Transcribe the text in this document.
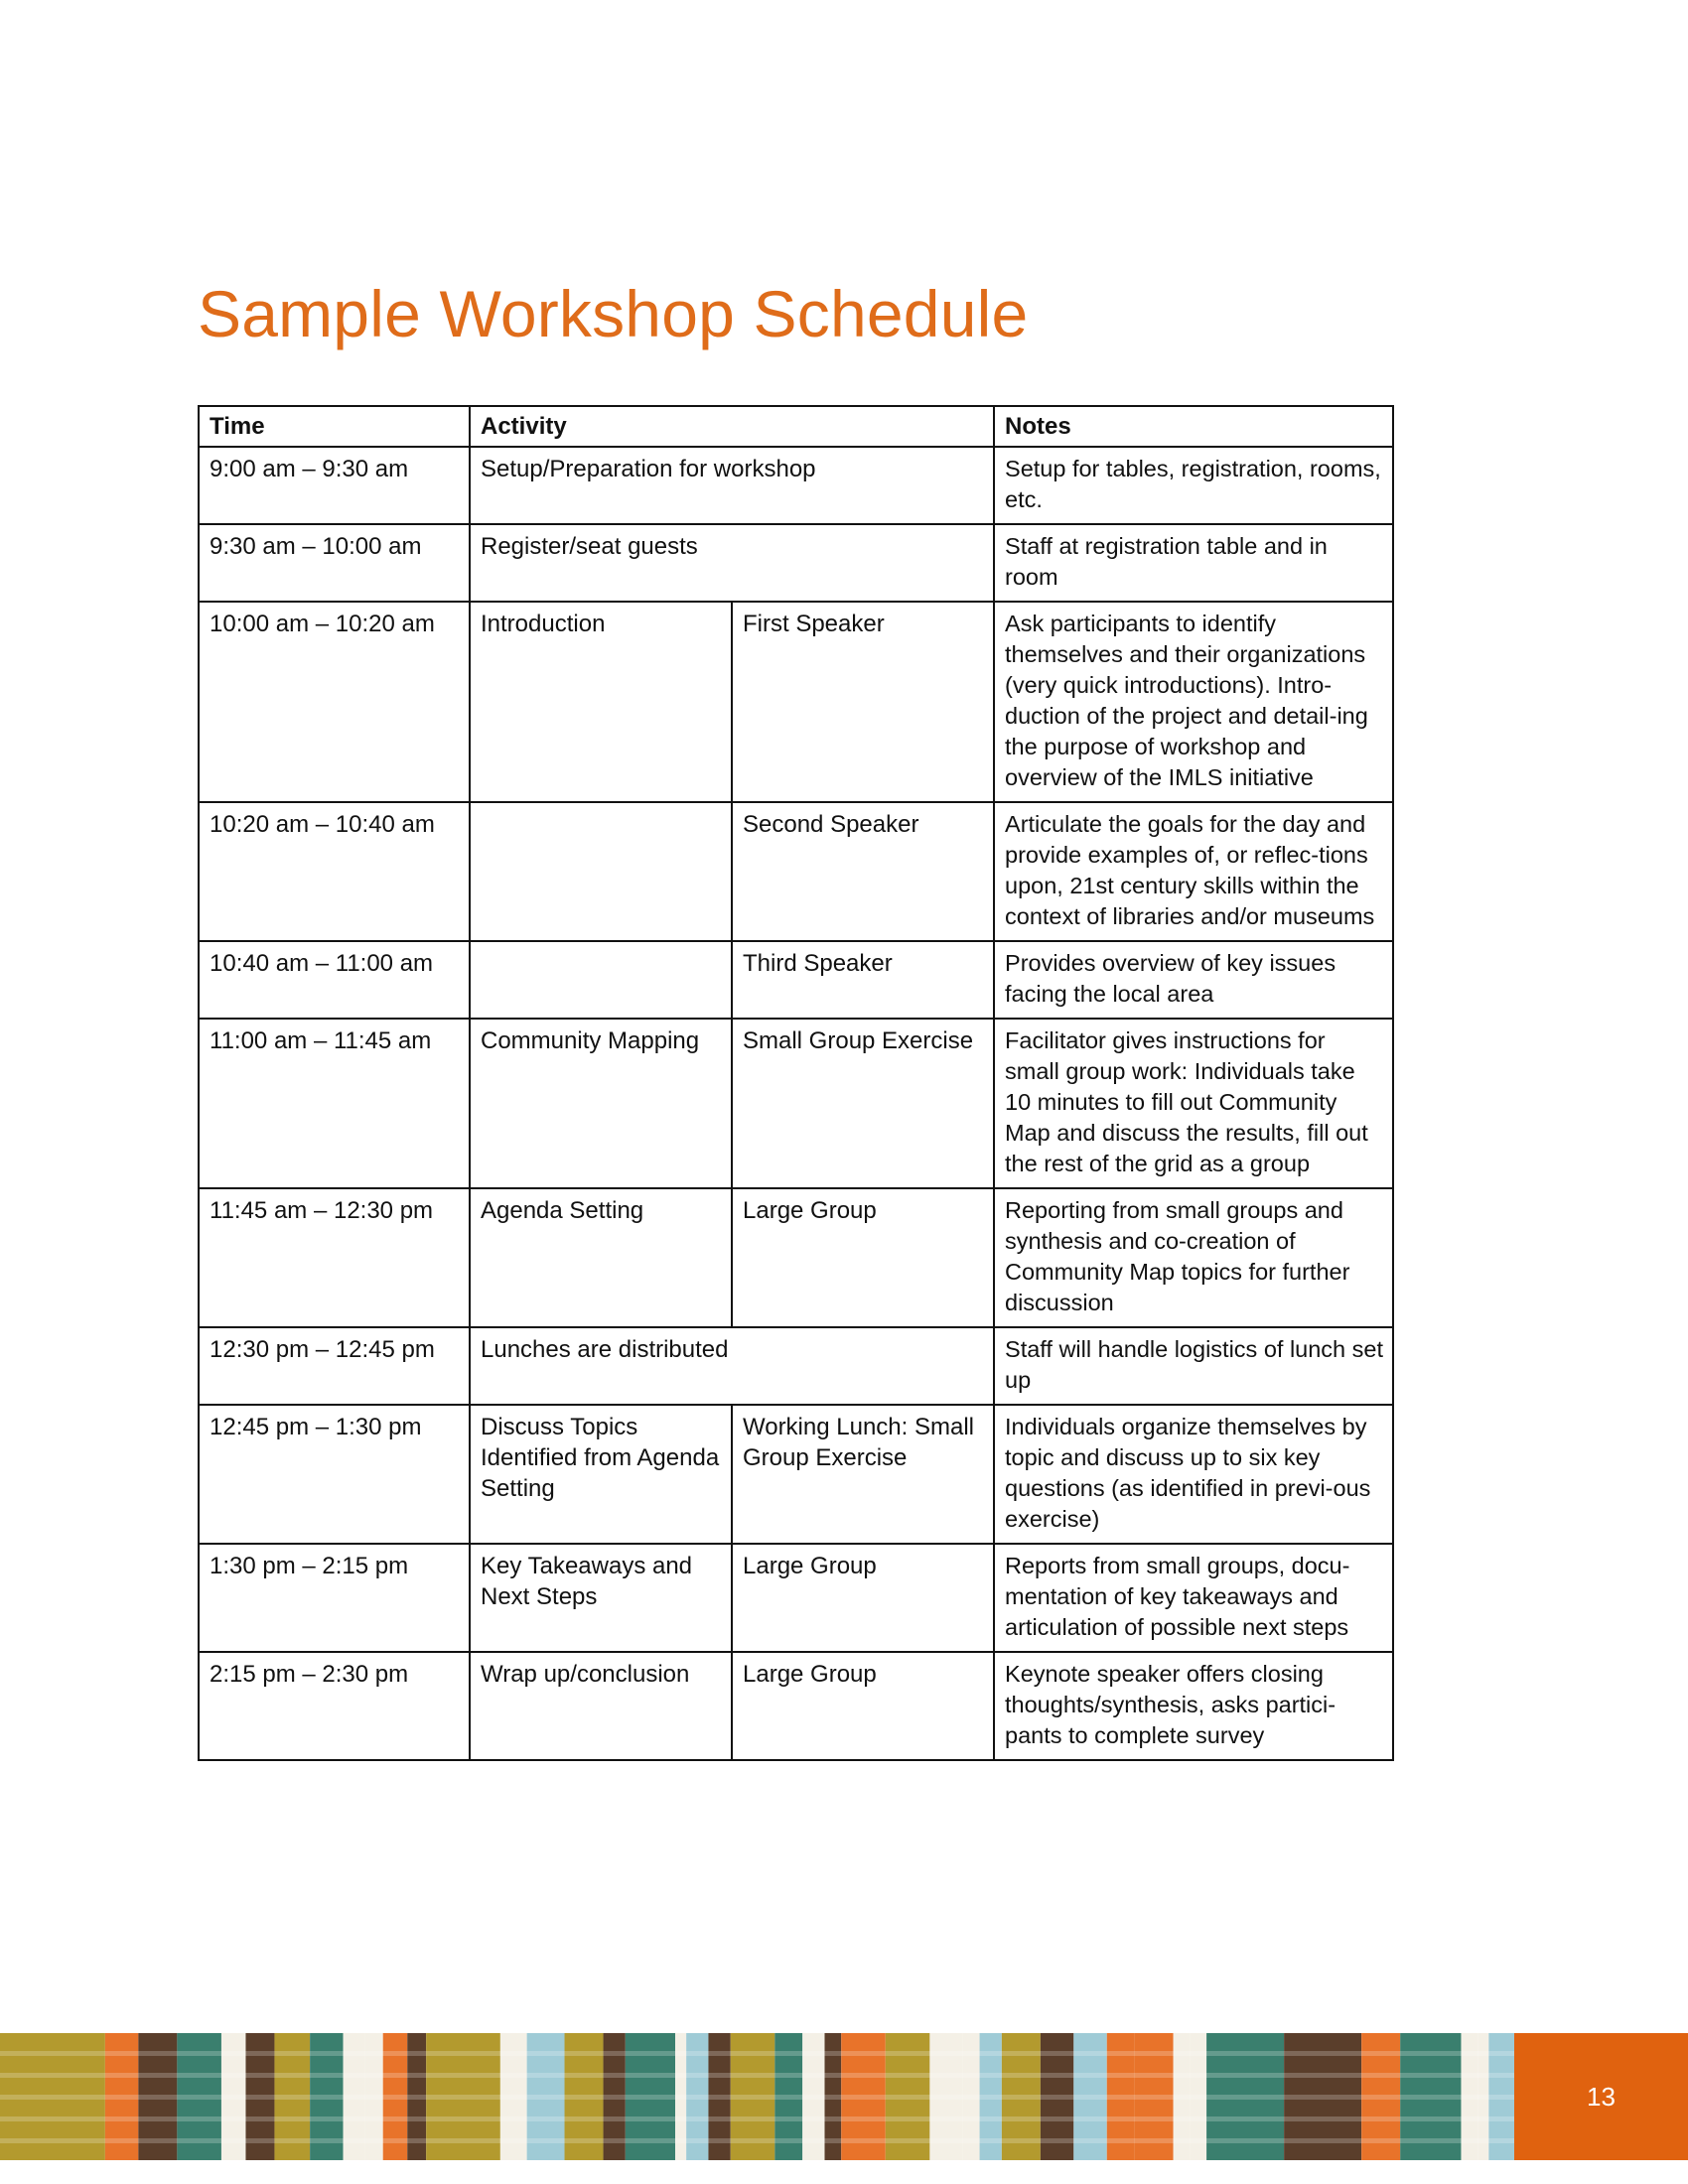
Sample Workshop Schedule
Time	Activity		Notes
9:00 am – 9:30 am	Setup/Preparation for workshop		Setup for tables, registration, rooms, etc.
9:30 am – 10:00 am	Register/seat guests		Staff at registration table and in room
10:00 am – 10:20 am	Introduction	First Speaker	Ask participants to identify themselves and their organizations (very quick introductions). Intro-duction of the project and detail-ing the purpose of workshop and overview of the IMLS initiative
10:20 am – 10:40 am		Second Speaker	Articulate the goals for the day and provide examples of, or reflec-tions upon, 21st century skills within the context of libraries and/or museums
10:40 am – 11:00 am		Third Speaker	Provides overview of key issues facing the local area
11:00 am – 11:45 am	Community Mapping	Small Group Exercise	Facilitator gives instructions for small group work: Individuals take 10 minutes to fill out Community Map and discuss the results, fill out the rest of the grid as a group
11:45 am – 12:30 pm	Agenda Setting	Large Group	Reporting from small groups and synthesis and co-creation of Community Map topics for further discussion
12:30 pm – 12:45 pm	Lunches are distributed		Staff will handle logistics of lunch set up
12:45 pm – 1:30 pm	Discuss Topics Identified from Agenda Setting	Working Lunch: Small Group Exercise	Individuals organize themselves by topic and discuss up to six key questions (as identified in previ-ous exercise)
1:30 pm – 2:15 pm	Key Takeaways and Next Steps	Large Group	Reports from small groups, docu-mentation of key takeaways and articulation of possible next steps
2:15 pm – 2:30 pm	Wrap up/conclusion	Large Group	Keynote speaker offers closing thoughts/synthesis, asks partici-pants to complete survey
13
